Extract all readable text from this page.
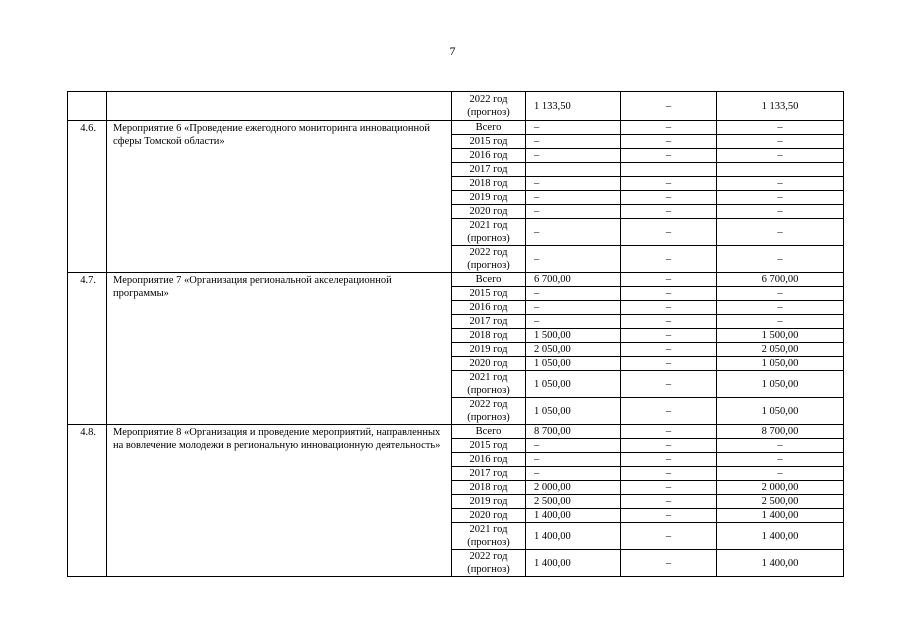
7
		2022 год (прогноз)	1 133,50	–	1 133,50
4.6.	Мероприятие 6 «Проведение ежегодного мониторинга инновационной сферы Томской области»	Всего	–	–	–
		2015 год	–	–	–
		2016 год	–	–	–
		2017 год			
		2018 год	–	–	–
		2019 год	–	–	–
		2020 год	–	–	–
		2021 год (прогноз)	–	–	–
		2022 год (прогноз)	–	–	–
4.7.	Мероприятие 7 «Организация региональной акселерационной программы»	Всего	6 700,00	–	6 700,00
		2015 год	–	–	–
		2016 год	–	–	–
		2017 год	–	–	–
		2018 год	1 500,00	–	1 500,00
		2019 год	2 050,00	–	2 050,00
		2020 год	1 050,00	–	1 050,00
		2021 год (прогноз)	1 050,00	–	1 050,00
		2022 год (прогноз)	1 050,00	–	1 050,00
4.8.	Мероприятие 8 «Организация и проведение мероприятий, направленных на вовлечение молодежи в региональную инновационную деятельность»	Всего	8 700,00	–	8 700,00
		2015 год	–	–	–
		2016 год	–	–	–
		2017 год	–	–	–
		2018 год	2 000,00	–	2 000,00
		2019 год	2 500,00	–	2 500,00
		2020 год	1 400,00	–	1 400,00
		2021 год (прогноз)	1 400,00	–	1 400,00
		2022 год (прогноз)	1 400,00	–	1 400,00
